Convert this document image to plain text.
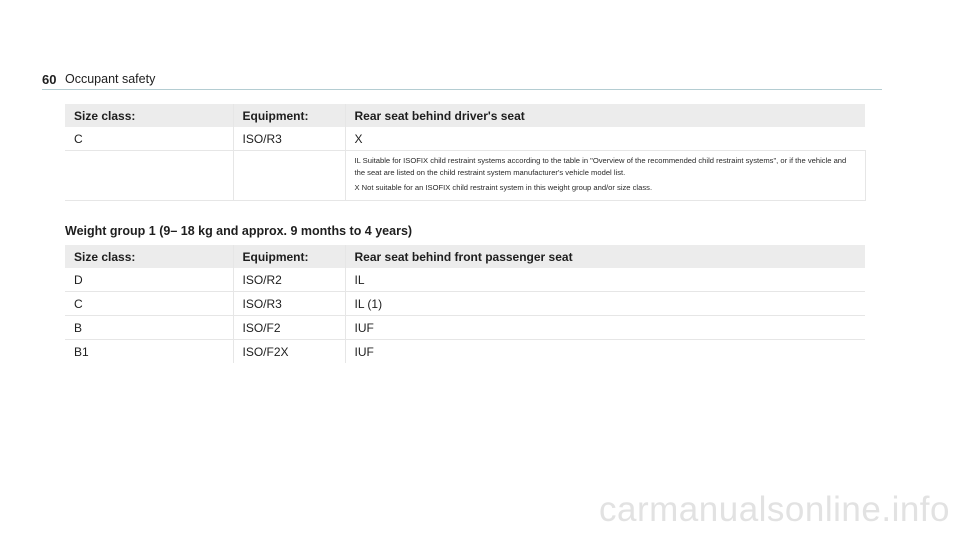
60 Occupant safety
Size class:	Equipment:	Rear seat behind driver's seat
C	ISO/R3	X

		IL Suitable for ISOFIX child restraint systems according to the table in "Overview of the recommended child restraint systems", or if the vehicle and the seat are listed on the child restraint system manufacturer's vehicle model list.

X Not suitable for an ISOFIX child restraint system in this weight group and/or size class.

Weight group 1 (9– 18 kg and approx. 9 months to 4 years)
Size class:	Equipment:	Rear seat behind front passenger seat
D	ISO/R2	IL
C	ISO/R3	IL (1)
B	ISO/F2	IUF
B1	ISO/F2X	IUF
carmanualsonline.info
